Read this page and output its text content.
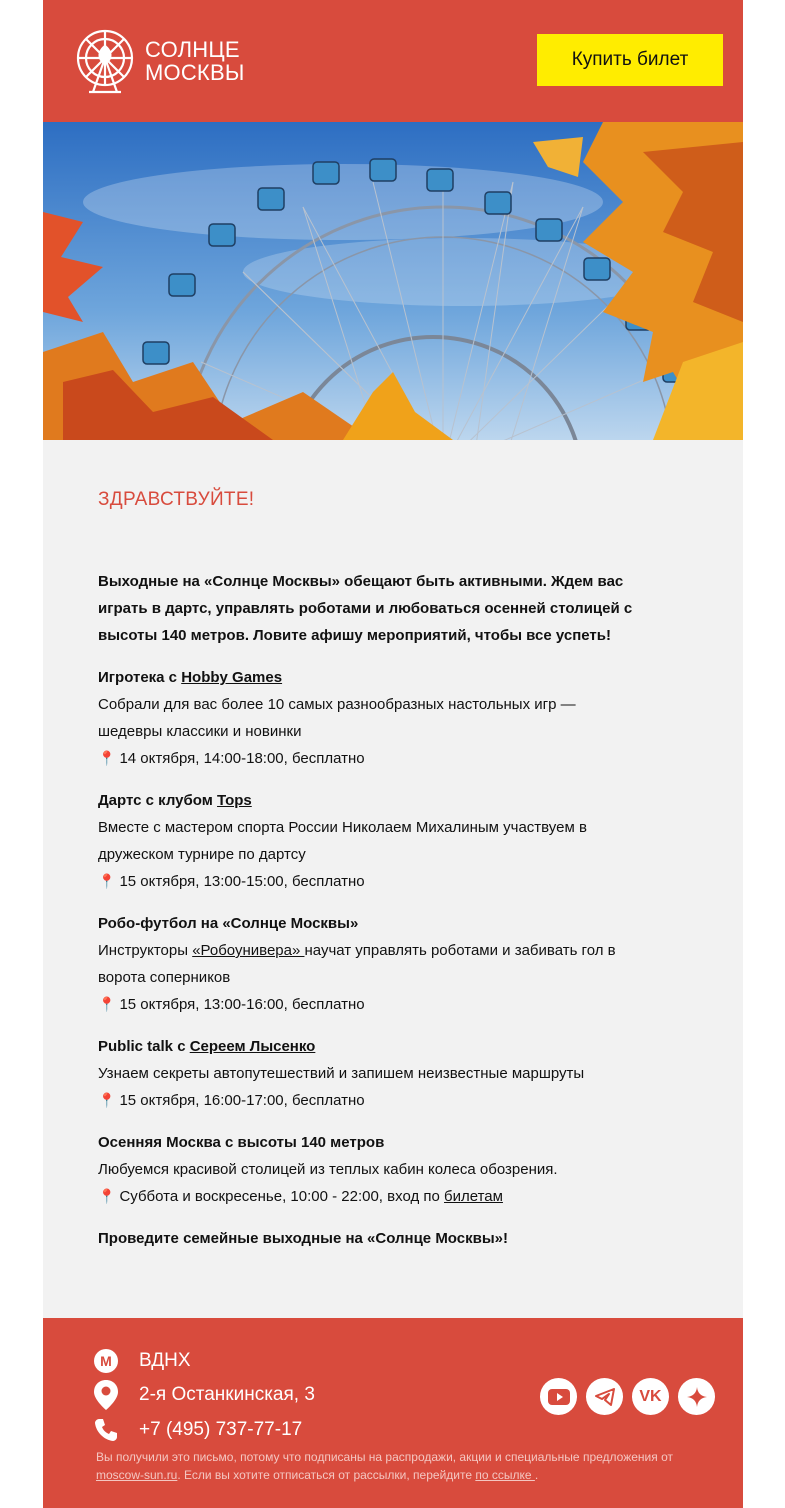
СОЛНЦЕ
МОСКВЫ
Купить билет
ЗДРАВСТВУЙТЕ!
Выходные на «Солнце Москвы» обещают быть активными. Ждем вас играть в дартс, управлять роботами и любоваться осенней столицей с высоты 140 метров. Ловите афишу мероприятий, чтобы все успеть!
Игротека с Hobby Games
Собрали для вас более 10 самых разнообразных настольных игр — шедевры классики и новинки
📍 14 октября, 14:00-18:00, бесплатно
Дартс с клубом Tops
Вместе с мастером спорта России Николаем Михалиным участвуем в дружеском турнире по дартсу
📍 15 октября, 13:00-15:00, бесплатно
Робо-футбол на «Солнце Москвы»
Инструкторы «Робоунивера» научат управлять роботами и забивать гол в ворота соперников
📍 15 октября, 13:00-16:00, бесплатно
Public talk с Сереем Лысенко
Узнаем секреты автопутешествий и запишем неизвестные маршруты
📍 15 октября, 16:00-17:00, бесплатно
Осенняя Москва с высоты 140 метров
Любуемся красивой столицей из теплых кабин колеса обозрения.
📍 Суббота и воскресенье, 10:00 - 22:00, вход по билетам
Проведите семейные выходные на «Солнце Москвы»!
M ВДНХ
2-я Останкинская, 3
+7 (495) 737-77-17
VK
Вы получили это письмо, потому что подписаны на распродажи, акции и специальные предложения от moscow-sun.ru. Если вы хотите отписаться от рассылки, перейдите по ссылке .
